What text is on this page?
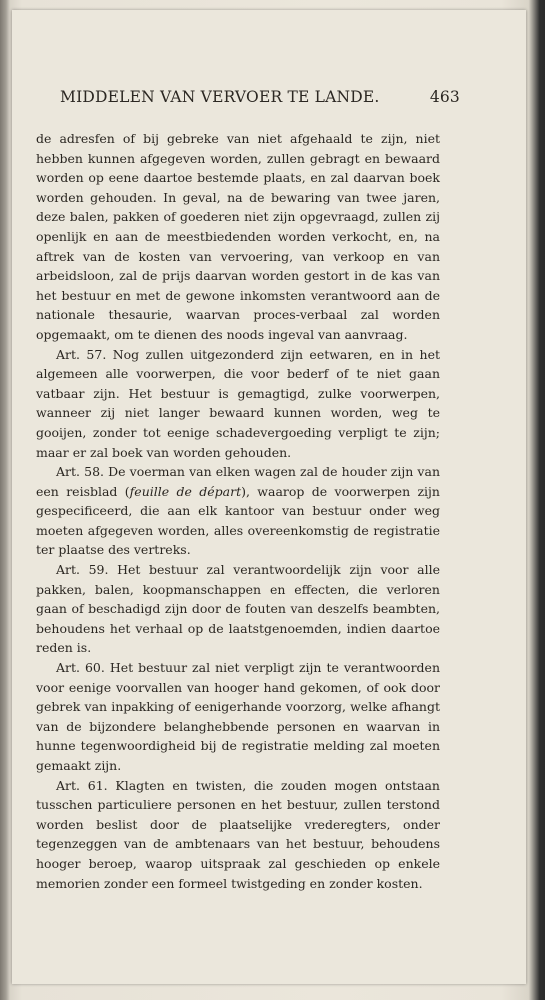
MIDDELEN VAN VERVOER TE LANDE.	463

de adresfen of bij gebreke van niet afgehaald te zijn, niet hebben kunnen afgegeven worden, zullen gebragt en bewaard worden op eene daartoe bestemde plaats, en zal daarvan boek worden gehouden. In geval, na de bewaring van twee jaren, deze balen, pakken of goederen niet zijn opgevraagd, zullen zij openlijk en aan de meestbiedenden worden verkocht, en, na aftrek van de kosten van vervoering, van verkoop en van arbeidsloon, zal de prijs daarvan worden gestort in de kas van het bestuur en met de gewone inkomsten verantwoord aan de nationale thesaurie, waarvan proces-verbaal zal worden opgemaakt, om te dienen des noods ingeval van aanvraag.

Art. 57. Nog zullen uitgezonderd zijn eetwaren, en in het algemeen alle voorwerpen, die voor bederf of te niet gaan vatbaar zijn. Het bestuur is gemagtigd, zulke voorwerpen, wanneer zij niet langer bewaard kunnen worden, weg te gooijen, zonder tot eenige schadevergoeding verpligt te zijn; maar er zal boek van worden gehouden.

Art. 58. De voerman van elken wagen zal de houder zijn van een reisblad (feuille de départ), waarop de voorwerpen zijn gespecificeerd, die aan elk kantoor van bestuur onder weg moeten afgegeven worden, alles overeenkomstig de registratie ter plaatse des vertreks.

Art. 59. Het bestuur zal verantwoordelijk zijn voor alle pakken, balen, koopmanschappen en effecten, die verloren gaan of beschadigd zijn door de fouten van deszelfs beambten, behoudens het verhaal op de laatstgenoemden, indien daartoe reden is.

Art. 60. Het bestuur zal niet verpligt zijn te verantwoorden voor eenige voorvallen van hooger hand gekomen, of ook door gebrek van inpakking of eenigerhande voorzorg, welke afhangt van de bijzondere belanghebbende personen en waarvan in hunne tegenwoordigheid bij de registratie melding zal moeten gemaakt zijn.

Art. 61. Klagten en twisten, die zouden mogen ontstaan tusschen particuliere personen en het bestuur, zullen terstond worden beslist door de plaatselijke vrederegters, onder tegenzeggen van de ambtenaars van het bestuur, behoudens hooger beroep, waarop uitspraak zal geschieden op enkele memorien zonder een formeel twistgeding en zonder kosten.
